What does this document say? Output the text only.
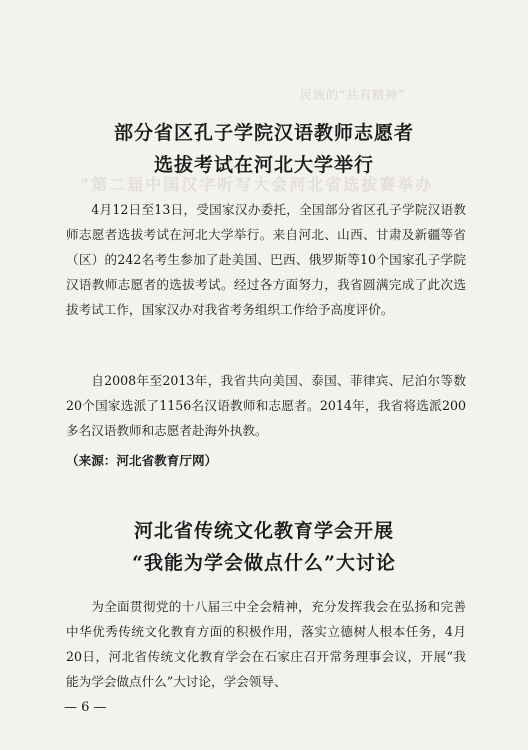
民族的“共有精神”
“第二届中国汉字听写大会河北省选拔赛举办
部分省区孔子学院汉语教师志愿者
选拔考试在河北大学举行

4月12日至13日，受国家汉办委托，全国部分省区孔子学院汉语教师志愿者选拔考试在河北大学举行。来自河北、山西、甘肃及新疆等省（区）的242名考生参加了赴美国、巴西、俄罗斯等10个国家孔子学院汉语教师志愿者的选拔考试。经过各方面努力，我省圆满完成了此次选拔考试工作，国家汉办对我省考务组织工作给予高度评价。

自2008年至2013年，我省共向美国、泰国、菲律宾、尼泊尔等数20个国家选派了1156名汉语教师和志愿者。2014年，我省将选派200多名汉语教师和志愿者赴海外执教。

（来源：河北省教育厅网）
河北省传统文化教育学会开展
“我能为学会做点什么”大讨论

为全面贯彻党的十八届三中全会精神，充分发挥我会在弘扬和完善中华优秀传统文化教育方面的积极作用，落实立德树人根本任务，4月20日，河北省传统文化教育学会在石家庄召开常务理事会议，开展“我能为学会做点什么”大讨论，学会领导、

— 6 —
